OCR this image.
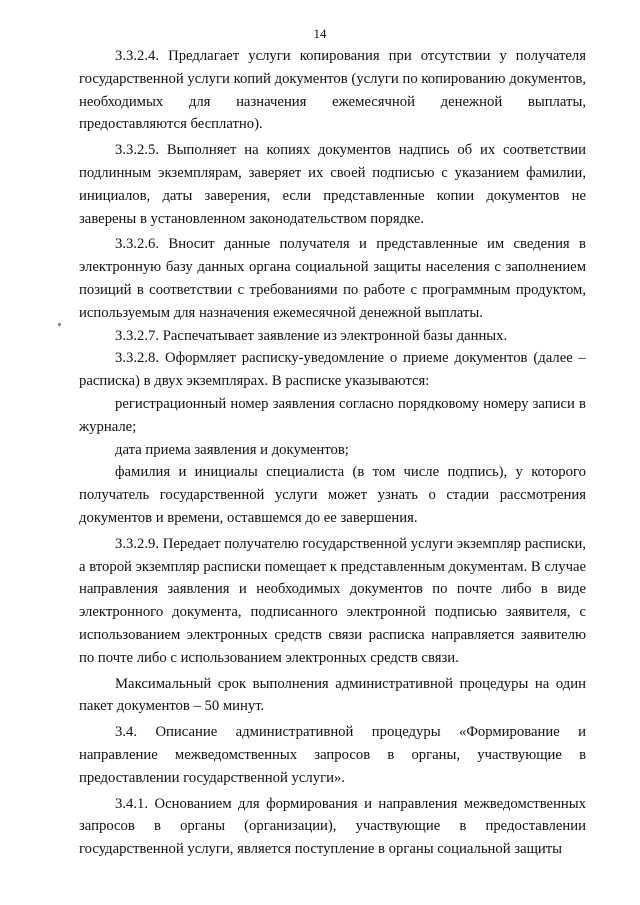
14

3.3.2.4. Предлагает услуги копирования при отсутствии у получателя государственной услуги копий документов (услуги по копированию документов, необходимых для назначения ежемесячной денежной выплаты, предоставляются бесплатно).

3.3.2.5. Выполняет на копиях документов надпись об их соответствии подлинным экземплярам, заверяет их своей подписью с указанием фамилии, инициалов, даты заверения, если представленные копии документов не заверены в установленном законодательством порядке.

3.3.2.6. Вносит данные получателя и представленные им сведения в электронную базу данных органа социальной защиты населения с заполнением позиций в соответствии с требованиями по работе с программным продуктом, используемым для назначения ежемесячной денежной выплаты.

3.3.2.7. Распечатывает заявление из электронной базы данных.

3.3.2.8. Оформляет расписку-уведомление о приеме документов (далее – расписка) в двух экземплярах. В расписке указываются:

регистрационный номер заявления согласно порядковому номеру записи в журнале;

дата приема заявления и документов;

фамилия и инициалы специалиста (в том числе подпись), у которого получатель государственной услуги может узнать о стадии рассмотрения документов и времени, оставшемся до ее завершения.

3.3.2.9. Передает получателю государственной услуги экземпляр расписки, а второй экземпляр расписки помещает к представленным документам. В случае направления заявления и необходимых документов по почте либо в виде электронного документа, подписанного электронной подписью заявителя, с использованием электронных средств связи расписка направляется заявителю по почте либо с использованием электронных средств связи.

Максимальный срок выполнения административной процедуры на один пакет документов – 50 минут.

3.4. Описание административной процедуры «Формирование и направление межведомственных запросов в органы, участвующие в предоставлении государственной услуги».

3.4.1. Основанием для формирования и направления межведомственных запросов в органы (организации), участвующие в предоставлении государственной услуги, является поступление в органы социальной защиты
